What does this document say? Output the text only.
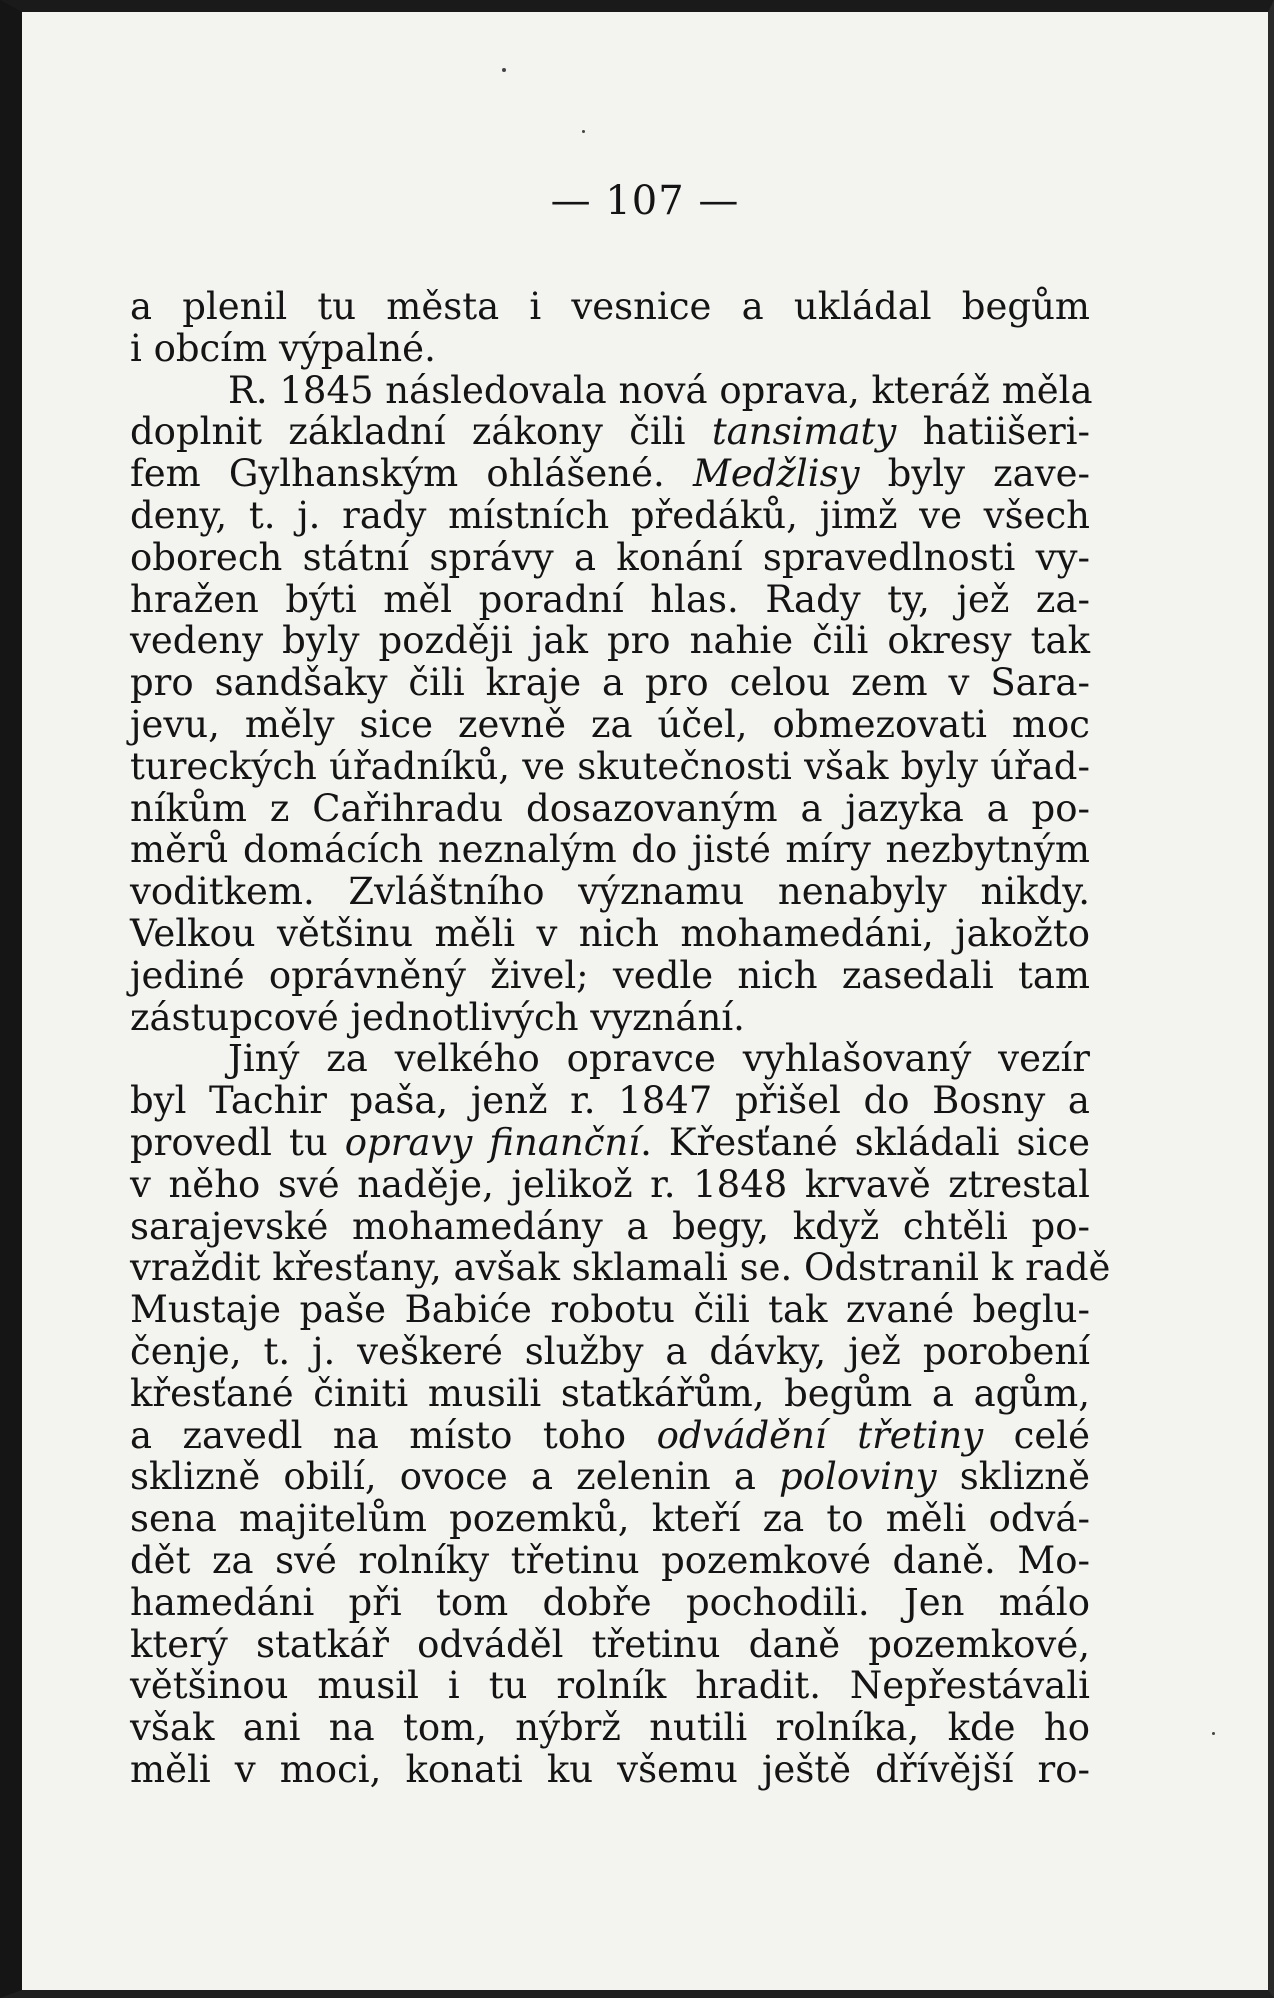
— 107 —
a plenil tu města i vesnice a ukládal begům
i obcím výpalné.
R. 1845 následovala nová oprava, kteráž měla
doplnit základní zákony čili tansimaty hatiišeri-
fem Gylhanským ohlášené. Medžlisy byly zave-
deny, t. j. rady místních předáků, jimž ve všech
oborech státní správy a konání spravedlnosti vy-
hražen býti měl poradní hlas. Rady ty, jež za-
vedeny byly později jak pro nahie čili okresy tak
pro sandšaky čili kraje a pro celou zem v Sara-
jevu, měly sice zevně za účel, obmezovati moc
tureckých úřadníků, ve skutečnosti však byly úřad-
níkům z Cařihradu dosazovaným a jazyka a po-
měrů domácích neznalým do jisté míry nezbytným
voditkem. Zvláštního významu nenabyly nikdy.
Velkou většinu měli v nich mohamedáni, jakožto
jediné oprávněný živel; vedle nich zasedali tam
zástupcové jednotlivých vyznání.
Jiný za velkého opravce vyhlašovaný vezír
byl Tachir paša, jenž r. 1847 přišel do Bosny a
provedl tu opravy finanční. Křesťané skládali sice
v něho své naděje, jelikož r. 1848 krvavě ztrestal
sarajevské mohamedány a begy, když chtěli po-
vraždit křesťany, avšak sklamali se. Odstranil k radě
Mustaje paše Babiće robotu čili tak zvané beglu-
čenje, t. j. veškeré služby a dávky, jež porobení
křesťané činiti musili statkářům, begům a agům,
a zavedl na místo toho odvádění třetiny celé
sklizně obilí, ovoce a zelenin a poloviny sklizně
sena majitelům pozemků, kteří za to měli odvá-
dět za své rolníky třetinu pozemkové daně. Mo-
hamedáni při tom dobře pochodili. Jen málo
který statkář odváděl třetinu daně pozemkové,
většinou musil i tu rolník hradit. Nepřestávali
však ani na tom, nýbrž nutili rolníka, kde ho
měli v moci, konati ku všemu ještě dřívější ro-
